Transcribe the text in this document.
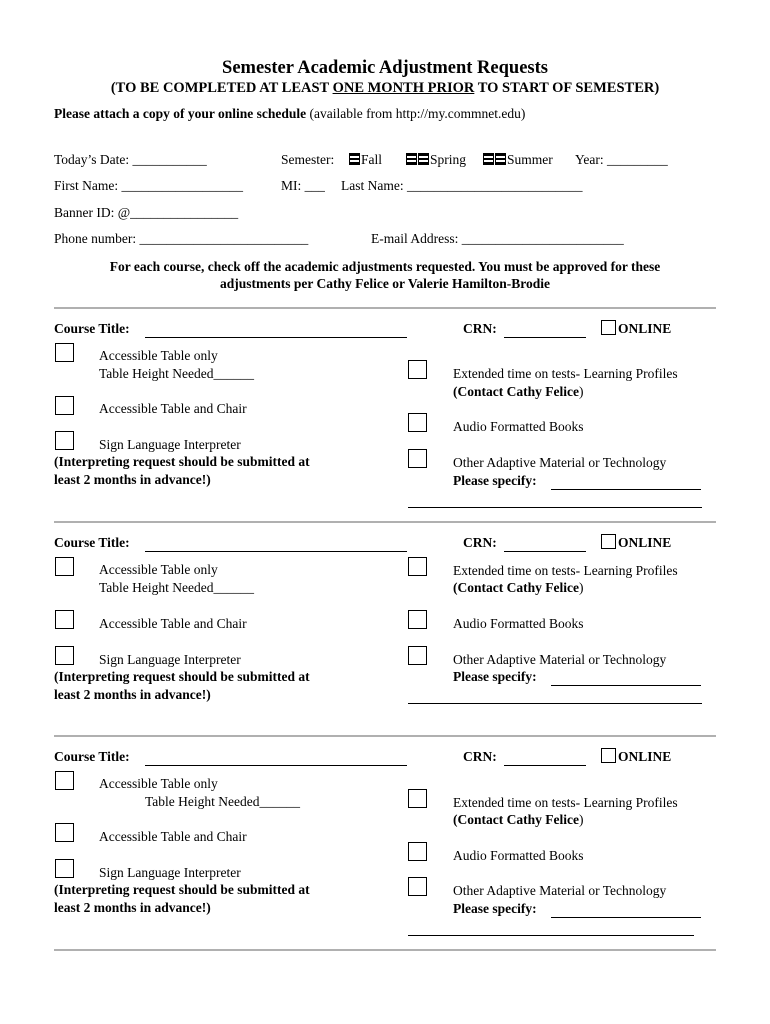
Semester Academic Adjustment Requests
(TO BE COMPLETED AT LEAST ONE MONTH PRIOR TO START OF SEMESTER)
Please attach a copy of your online schedule (available from http://my.commnet.edu)
Today’s Date: ___________	Semester:	Fall	Spring	Summer Year: _________
First Name: __________________	MI: ___ Last Name: __________________________
Banner ID: @________________
Phone number: _________________________	E-mail Address: ________________________
For each course, check off the academic adjustments requested. You must be approved for these
adjustments per Cathy Felice or Valerie Hamilton-Brodie
Course Title:	CRN:	ONLINE
Accessible Table only
Table Height Needed______
Accessible Table and Chair
Sign Language Interpreter
(Interpreting request should be submitted at
least 2 months in advance!)
Extended time on tests- Learning Profiles
(Contact Cathy Felice)
Audio Formatted Books
Other Adaptive Material or Technology
Please specify:
Course Title:	CRN:	ONLINE
Accessible Table only
Table Height Needed______
Accessible Table and Chair
Sign Language Interpreter
(Interpreting request should be submitted at
least 2 months in advance!)
Extended time on tests- Learning Profiles
(Contact Cathy Felice)
Audio Formatted Books
Other Adaptive Material or Technology
Please specify:
Course Title:	CRN:	ONLINE
Accessible Table only
Table Height Needed______
Accessible Table and Chair
Sign Language Interpreter
(Interpreting request should be submitted at
least 2 months in advance!)
Extended time on tests- Learning Profiles
(Contact Cathy Felice)
Audio Formatted Books
Other Adaptive Material or Technology
Please specify:
